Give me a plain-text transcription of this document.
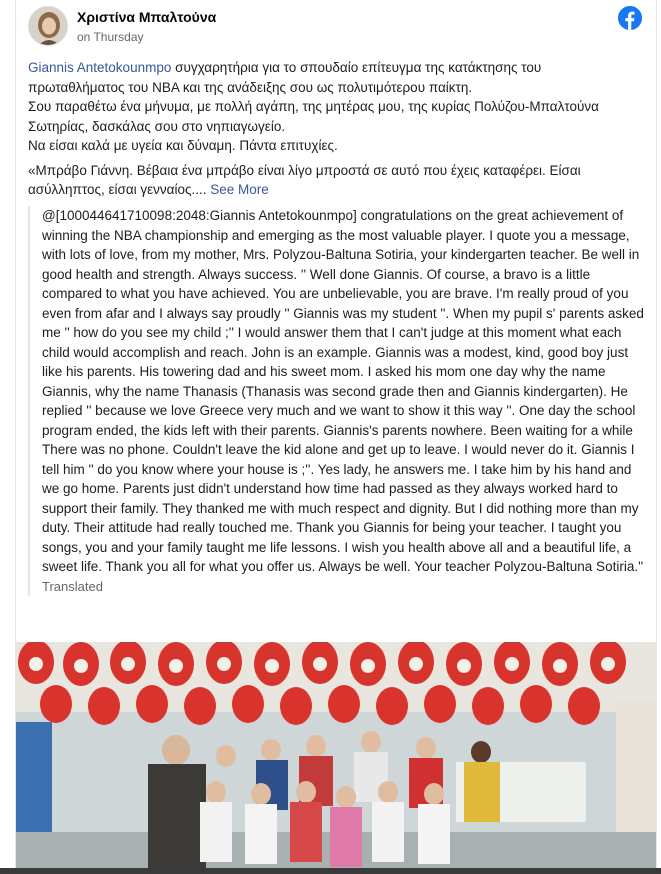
Χριστίνα Μπαλτούνα
on Thursday

Giannis Antetokounmpo συγχαρητήρια για το σπουδαίο επίτευγμα της κατάκτησης του πρωταθλήματος του NBA και της ανάδειξης σου ως πολυτιμότερου παίκτη.

Σου παραθέτω ένα μήνυμα, με πολλή αγάπη, της μητέρας μου, της κυρίας Πολύζου-Μπαλτούνα Σωτηρίας, δασκάλας σου στο νηπιαγωγείο.

Να είσαι καλά με υγεία και δύναμη. Πάντα επιτυχίες.

«Μπράβο Γιάννη. Βέβαια ένα μπράβο είναι λίγο μπροστά σε αυτό που έχεις καταφέρει. Είσαι ασύλληπτος, είσαι γενναίος.... See More

@[100044641710098:2048:Giannis Antetokounmpo] congratulations on the great achievement of winning the NBA championship and emerging as the most valuable player. I quote you a message, with lots of love, from my mother, Mrs. Polyzou-Baltuna Sotiria, your kindergarten teacher. Be well in good health and strength. Always success. '' Well done Giannis. Of course, a bravo is a little compared to what you have achieved. You are unbelievable, you are brave. I'm really proud of you even from afar and I always say proudly '' Giannis was my student ''. When my pupil s' parents asked me '' how do you see my child ;'' I would answer them that I can't judge at this moment what each child would accomplish and reach. John is an example. Giannis was a modest, kind, good boy just like his parents. His towering dad and his sweet mom. I asked his mom one day why the name Giannis, why the name Thanasis (Thanasis was second grade then and Giannis kindergarten). He replied '' because we love Greece very much and we want to show it this way ''. One day the school program ended, the kids left with their parents. Giannis's parents nowhere. Been waiting for a while There was no phone. Couldn't leave the kid alone and get up to leave. I would never do it. Giannis I tell him '' do you know where your house is ;''. Yes lady, he answers me. I take him by his hand and we go home. Parents just didn't understand how time had passed as they always worked hard to support their family. They thanked me with much respect and dignity. But I did nothing more than my duty. Their attitude had really touched me. Thank you Giannis for being your teacher. I taught you songs, you and your family taught me life lessons. I wish you health above all and a beautiful life, a sweet life. Thank you all for what you offer us. Always be well. Your teacher Polyzou-Baltuna Sotiria.''
Translated
